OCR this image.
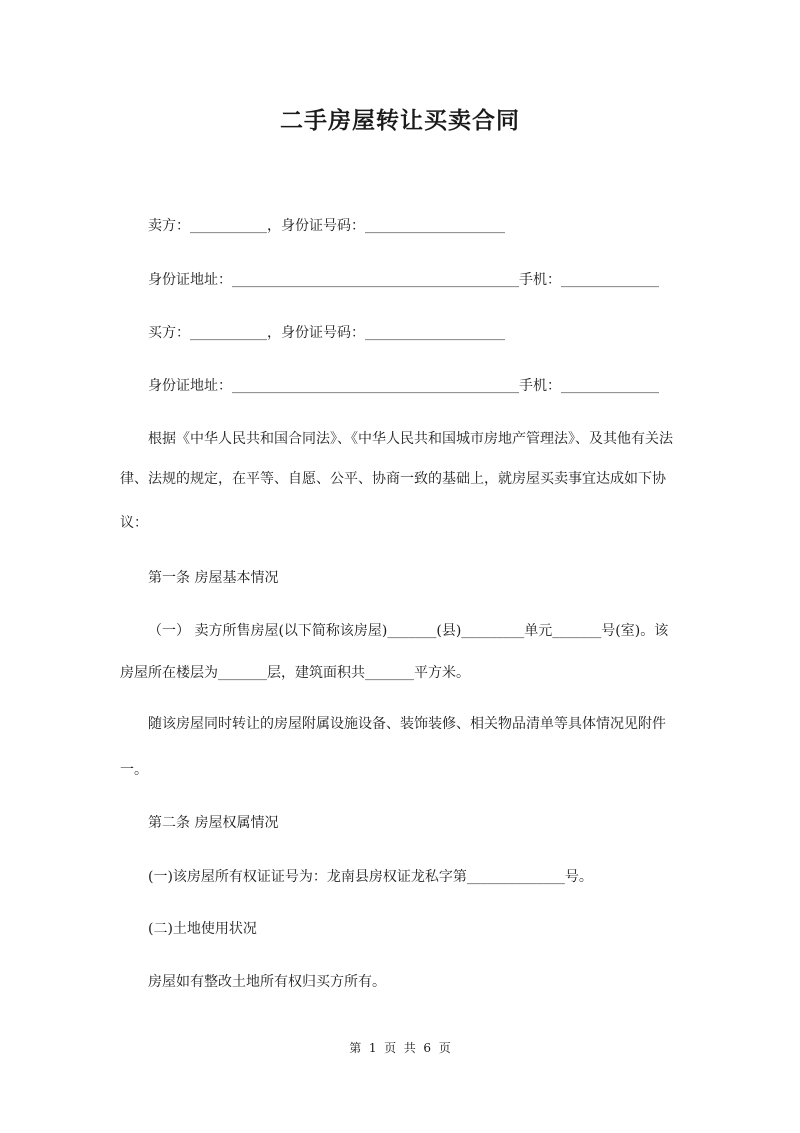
二手房屋转让买卖合同
卖方：___________，身份证号码：____________________
身份证地址：_________________________________________手机：______________
买方：___________，身份证号码：____________________
身份证地址：_________________________________________手机：______________
根据《中华人民共和国合同法》、《中华人民共和国城市房地产管理法》、及其他有关法
律、法规的规定，在平等、自愿、公平、协商一致的基础上，就房屋买卖事宜达成如下协
议：
第一条 房屋基本情况
（一） 卖方所售房屋(以下简称该房屋)_______(县)_________单元_______号(室)。该
房屋所在楼层为_______层，建筑面积共_______平方米。
随该房屋同时转让的房屋附属设施设备、装饰装修、相关物品清单等具体情况见附件
一。
第二条 房屋权属情况
(一)该房屋所有权证证号为：龙南县房权证龙私字第______________号。
(二)土地使用状况
房屋如有整改土地所有权归买方所有。
第  1  页  共  6  页
